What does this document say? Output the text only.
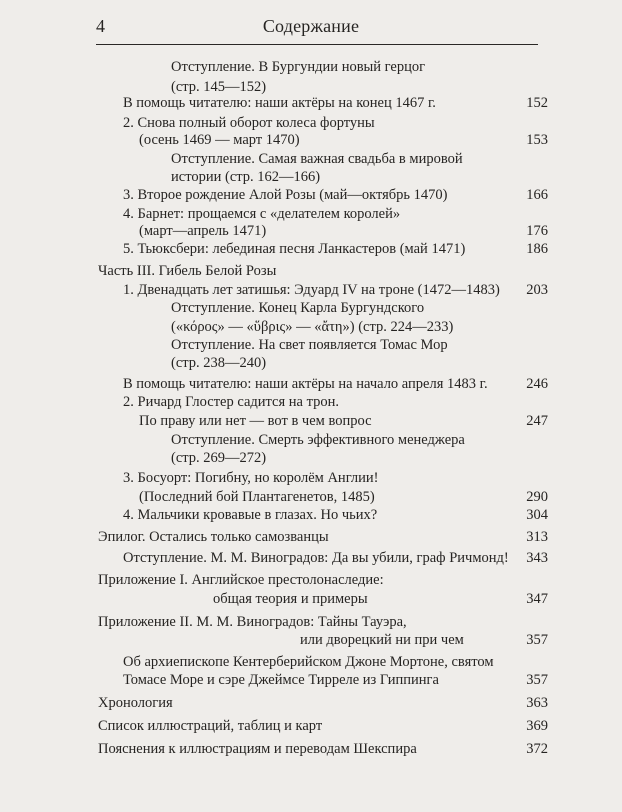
4	Содержание
Отступление. В Бургундии новый герцог
(стр. 145—152)
В помощь читателю: наши актёры на конец 1467 г.	152
2. Снова полный оборот колеса фортуны
(осень 1469 — март 1470)	153
Отступление. Самая важная свадьба в мировой
истории (стр. 162—166)
3. Второе рождение Алой Розы (май—октябрь 1470)	166
4. Барнет: прощаемся с «делателем королей»
(март—апрель 1471)	176
5. Тьюксбери: лебединая песня Ланкастеров (май 1471)	186
Часть III. Гибель Белой Розы
1. Двенадцать лет затишья: Эдуард IV на троне (1472—1483) 203
Отступление. Конец Карла Бургундского
(«κόρος» — «ὕβρις» — «ἄτη») (стр. 224—233)
Отступление. На свет появляется Томас Мор
(стр. 238—240)
В помощь читателю: наши актёры на начало апреля 1483 г.	246
2. Ричард Глостер садится на трон.
По праву или нет — вот в чем вопрос	247
Отступление. Смерть эффективного менеджера
(стр. 269—272)
3. Босуорт: Погибну, но королём Англии!
(Последний бой Плантагенетов, 1485)	290
4. Мальчики кровавые в глазах. Но чьих?	304
Эпилог. Остались только самозванцы	313
Отступление. М. М. Виноградов: Да вы убили, граф Ричмонд! 343
Приложение I. Английское престолонаследие:
общая теория и примеры	347
Приложение II. М. М. Виноградов: Тайны Тауэра,
или дворецкий ни при чем	357
Об архиепископе Кентерберийском Джоне Мортоне, святом
Томасе Море и сэре Джеймсе Тирреле из Гиппинга	357
Хронология	363
Список иллюстраций, таблиц и карт	369
Пояснения к иллюстрациям и переводам Шекспира	372
